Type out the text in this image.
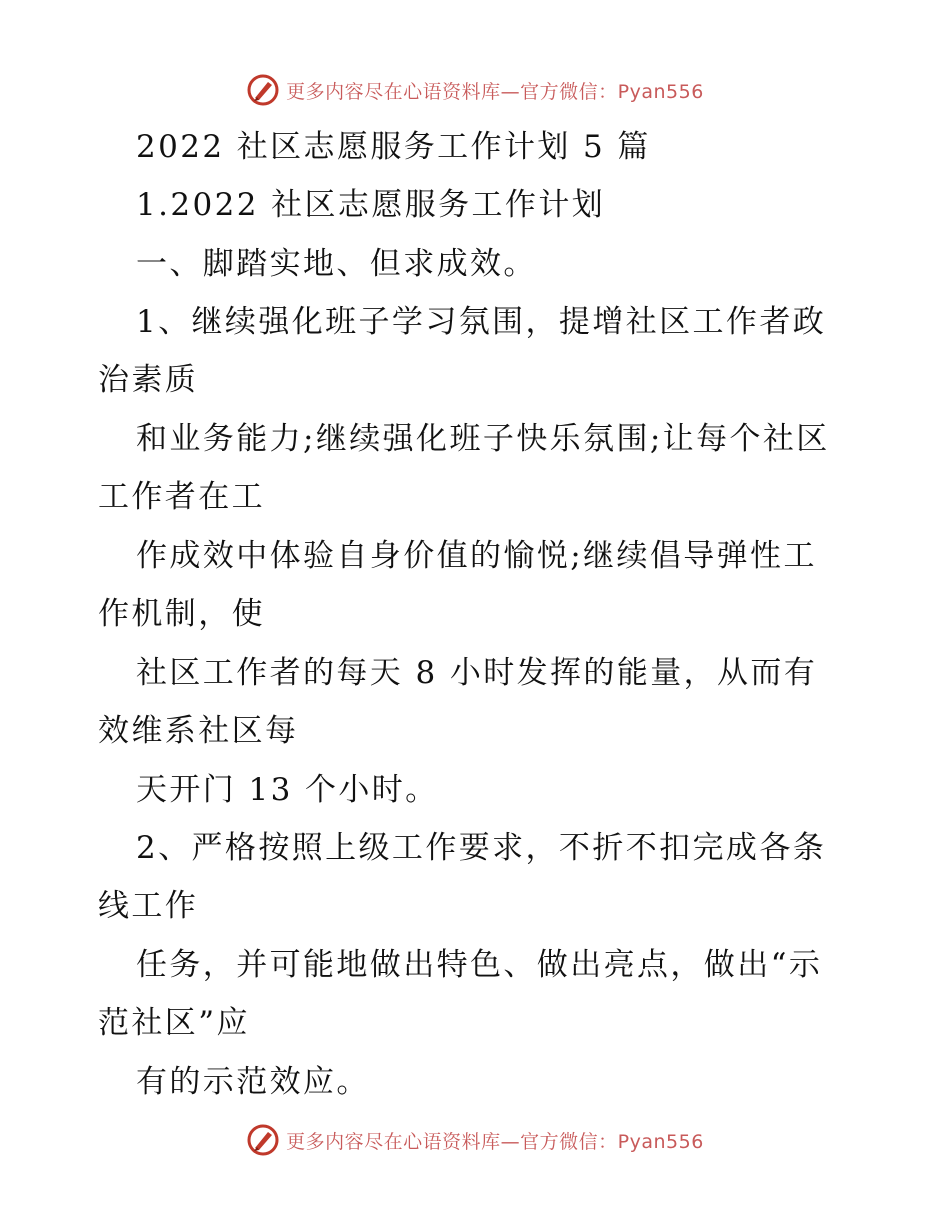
更多内容尽在心语资料库—官方微信：Pyan556
2022 社区志愿服务工作计划 5 篇
1.2022 社区志愿服务工作计划
一、脚踏实地、但求成效。
1、继续强化班子学习氛围，提增社区工作者政
治素质
和业务能力;继续强化班子快乐氛围;让每个社区
工作者在工
作成效中体验自身价值的愉悦;继续倡导弹性工
作机制，使
社区工作者的每天 8 小时发挥的能量，从而有
效维系社区每
天开门 13 个小时。
2、严格按照上级工作要求，不折不扣完成各条
线工作
任务，并可能地做出特色、做出亮点，做出“示
范社区”应
有的示范效应。
更多内容尽在心语资料库—官方微信：Pyan556
